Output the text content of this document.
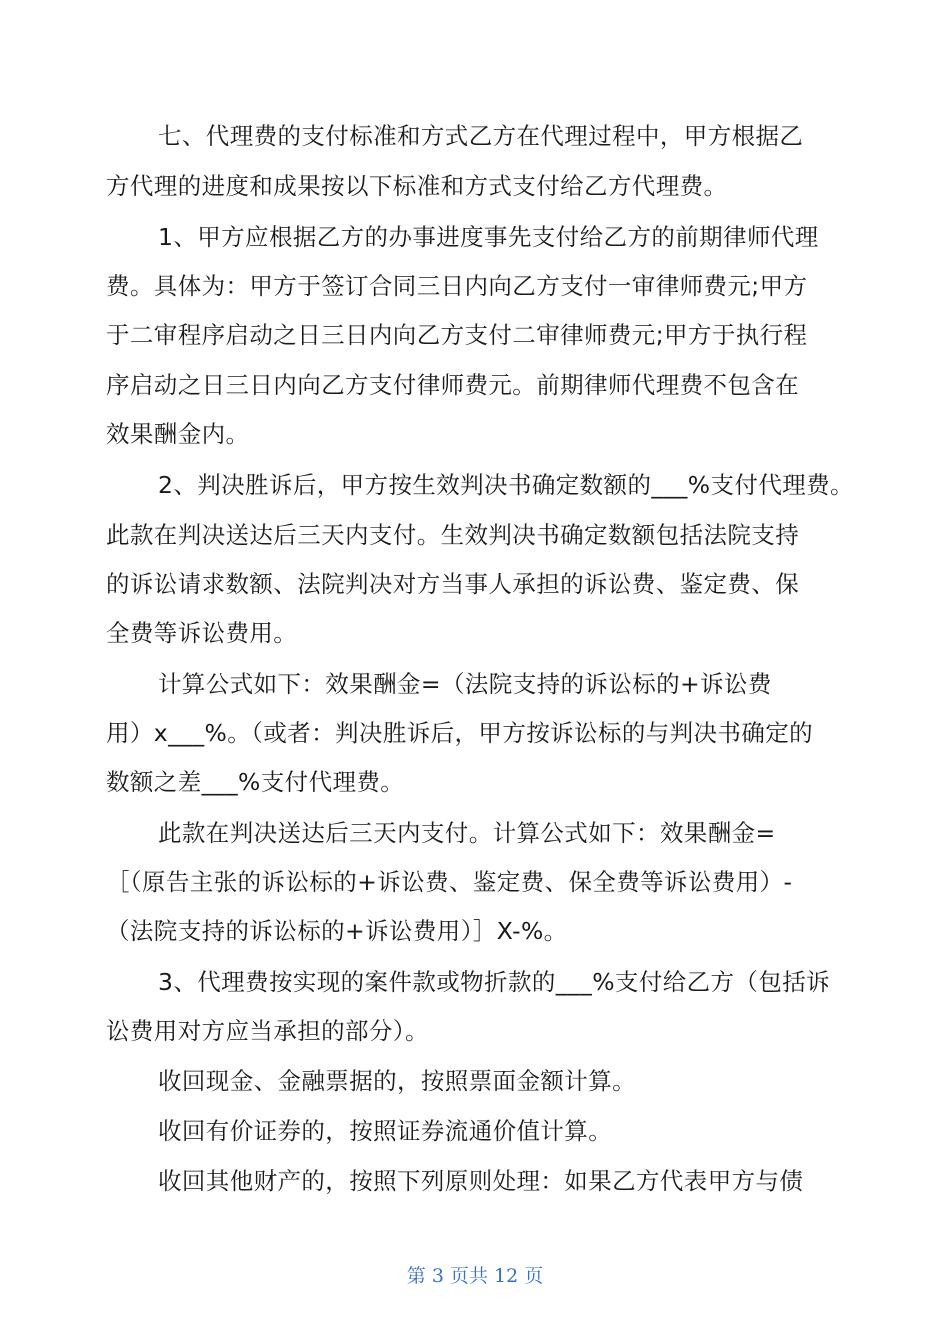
七、代理费的支付标准和方式乙方在代理过程中，甲方根据乙
方代理的进度和成果按以下标准和方式支付给乙方代理费。
1、甲方应根据乙方的办事进度事先支付给乙方的前期律师代理
费。具体为：甲方于签订合同三日内向乙方支付一审律师费元;甲方
于二审程序启动之日三日内向乙方支付二审律师费元;甲方于执行程
序启动之日三日内向乙方支付律师费元。前期律师代理费不包含在
效果酬金内。
2、判决胜诉后，甲方按生效判决书确定数额的___%支付代理费。
此款在判决送达后三天内支付。生效判决书确定数额包括法院支持
的诉讼请求数额、法院判决对方当事人承担的诉讼费、鉴定费、保
全费等诉讼费用。
计算公式如下：效果酬金=（法院支持的诉讼标的+诉讼费
用）x___%。（或者：判决胜诉后，甲方按诉讼标的与判决书确定的
数额之差___%支付代理费。
此款在判决送达后三天内支付。计算公式如下：效果酬金=
［（原告主张的诉讼标的+诉讼费、鉴定费、保全费等诉讼费用）-
（法院支持的诉讼标的+诉讼费用）］X-%。
3、代理费按实现的案件款或物折款的___%支付给乙方（包括诉
讼费用对方应当承担的部分）。
收回现金、金融票据的，按照票面金额计算。
收回有价证券的，按照证券流通价值计算。
收回其他财产的，按照下列原则处理：如果乙方代表甲方与债
第 3 页共 12 页
